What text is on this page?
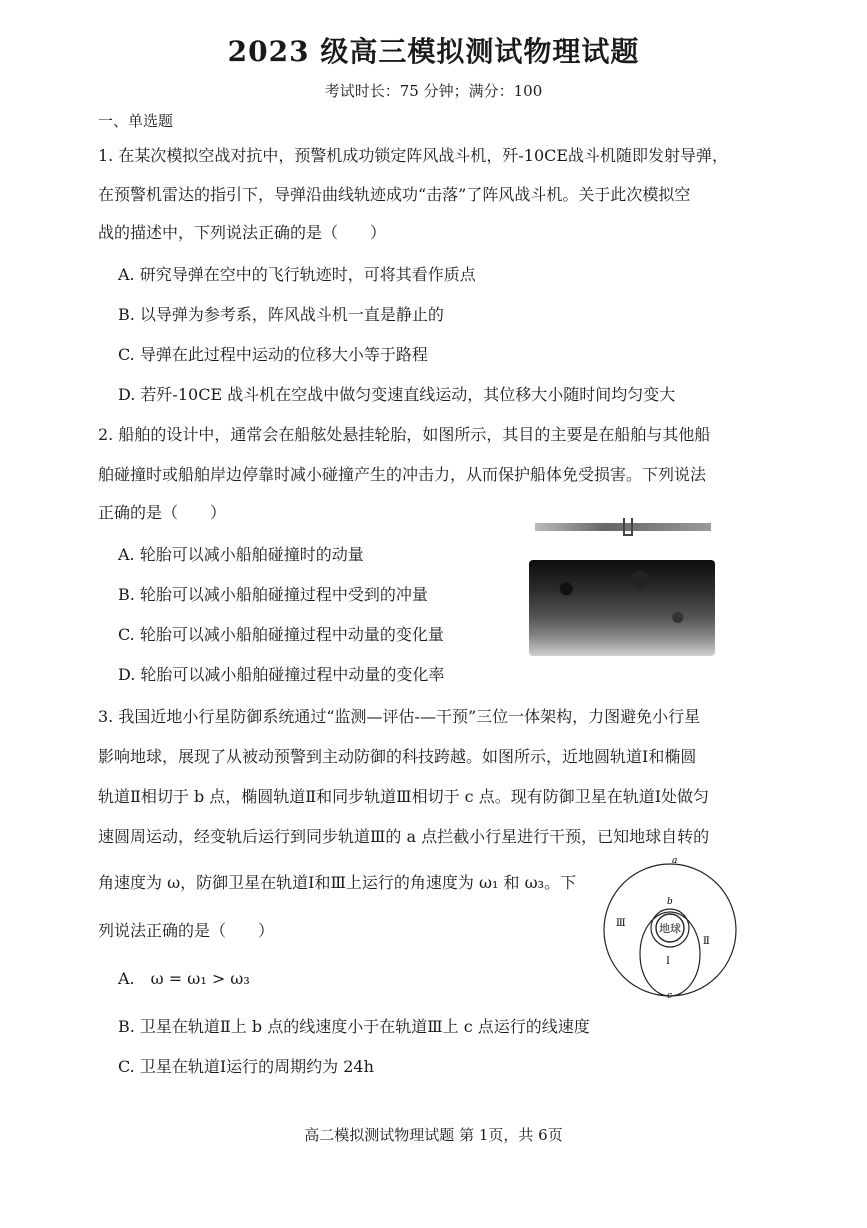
2023 级高三模拟测试物理试题
考试时长：75 分钟；满分：100
一、单选题
1. 在某次模拟空战对抗中，预警机成功锁定阵风战斗机，歼-10CE战斗机随即发射导弹，
在预警机雷达的指引下，导弹沿曲线轨迹成功“击落”了阵风战斗机。关于此次模拟空
战的描述中，下列说法正确的是（　　）
A. 研究导弹在空中的飞行轨迹时，可将其看作质点
B. 以导弹为参考系，阵风战斗机一直是静止的
C. 导弹在此过程中运动的位移大小等于路程
D. 若歼-10CE 战斗机在空战中做匀变速直线运动，其位移大小随时间均匀变大
2. 船舶的设计中，通常会在船舷处悬挂轮胎，如图所示，其目的主要是在船舶与其他船
舶碰撞时或船舶岸边停靠时减小碰撞产生的冲击力，从而保护船体免受损害。下列说法
正确的是（　　）
A. 轮胎可以减小船舶碰撞时的动量
B. 轮胎可以减小船舶碰撞过程中受到的冲量
C. 轮胎可以减小船舶碰撞过程中动量的变化量
D. 轮胎可以减小船舶碰撞过程中动量的变化率
3. 我国近地小行星防御系统通过“监测—评估-—干预”三位一体架构，力图避免小行星
影响地球，展现了从被动预警到主动防御的科技跨越。如图所示，近地圆轨道Ⅰ和椭圆
轨道Ⅱ相切于 b 点，椭圆轨道Ⅱ和同步轨道Ⅲ相切于 c 点。现有防御卫星在轨道Ⅰ处做匀
速圆周运动，经变轨后运行到同步轨道Ⅲ的 a 点拦截小行星进行干预，已知地球自转的
角速度为 ω，防御卫星在轨道Ⅰ和Ⅲ上运行的角速度为 ω₁ 和 ω₃。下
列说法正确的是（　　）
A.　ω = ω₁ > ω₃
B. 卫星在轨道Ⅱ上 b 点的线速度小于在轨道Ⅲ上 c 点运行的线速度
C. 卫星在轨道Ⅰ运行的周期约为 24h
地球
a
b
c
Ⅰ
Ⅱ
Ⅲ
高二模拟测试物理试题 第 1页，共 6页
